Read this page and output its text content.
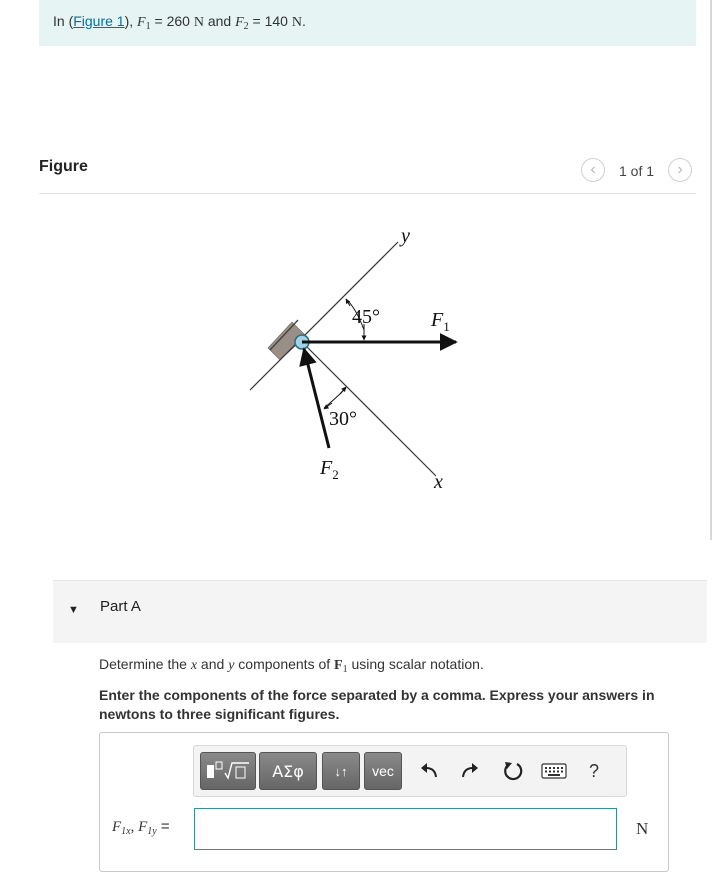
In (Figure 1), $F_1 = 260$ N and $F_2 = 140$ N.
Figure	‹ 1 of 1 ›
y
x
45°
30°
$F_1$
$F_2$
▼ Part A
Determine the x and y components of $F_1$ using scalar notation.
Enter the components of the force separated by a comma. Express your answers in newtons to three significant figures.
ΑΣφ	↓↑	vec	?
$F_{1x}$, $F_{1y}$ =	N
